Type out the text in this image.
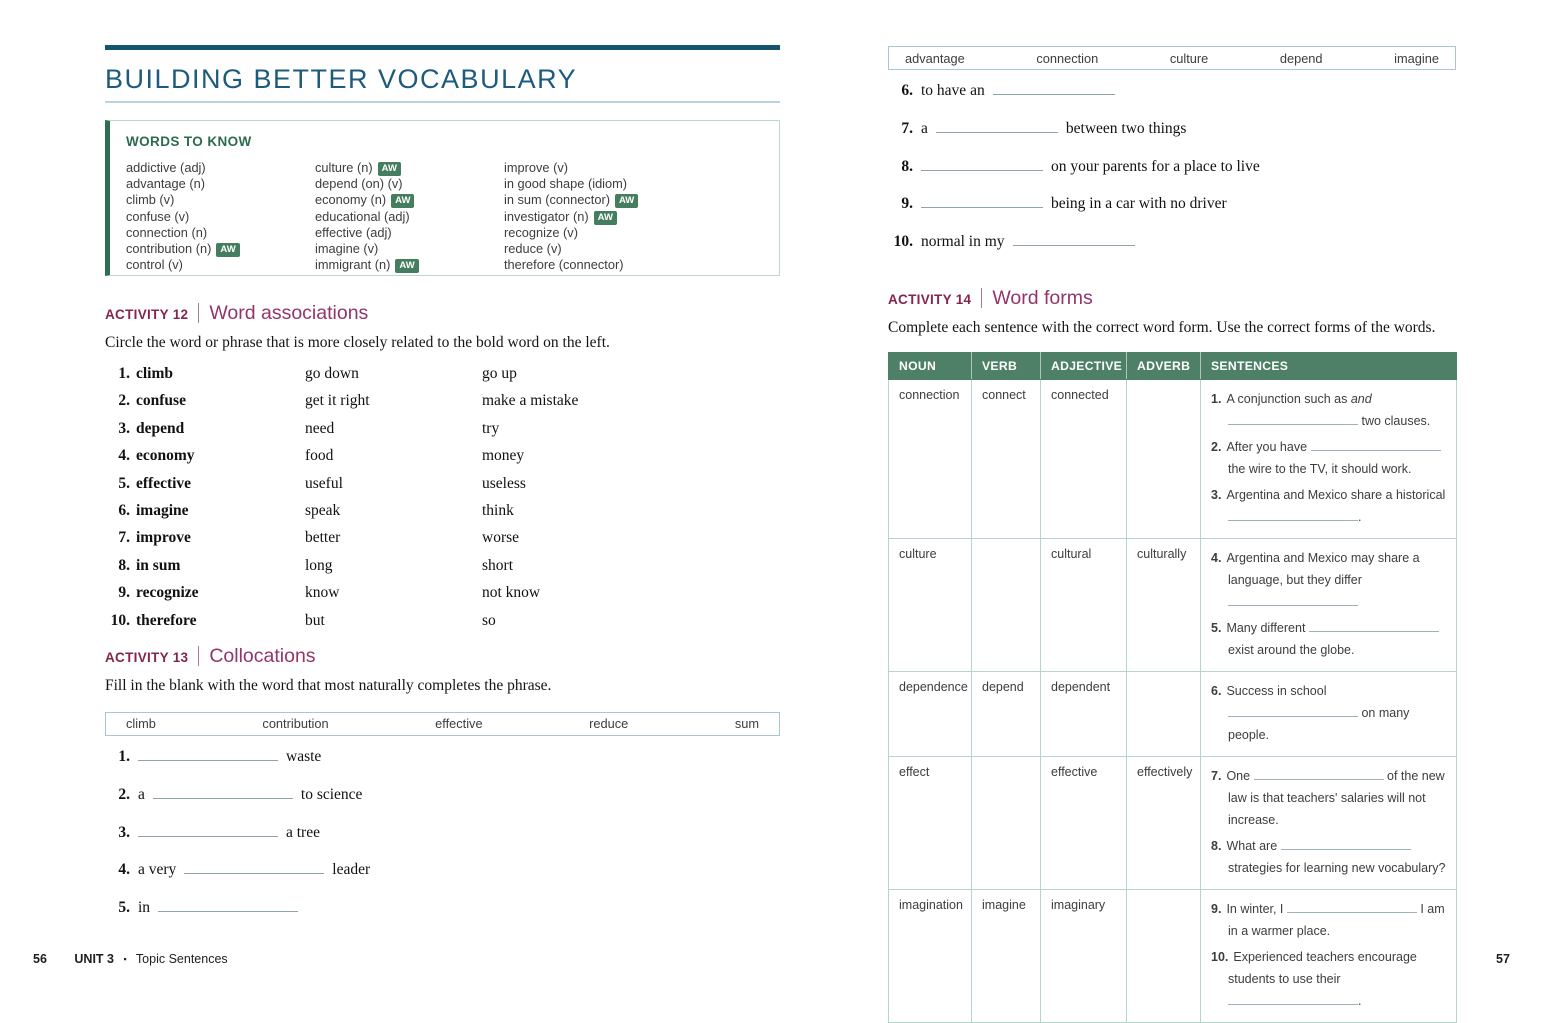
BUILDING BETTER VOCABULARY
WORDS TO KNOW
addictive (adj)
advantage (n)
climb (v)
confuse (v)
connection (n)
contribution (n) AW
control (v)
culture (n) AW
depend (on) (v)
economy (n) AW
educational (adj)
effective (adj)
imagine (v)
immigrant (n) AW
improve (v)
in good shape (idiom)
in sum (connector) AW
investigator (n) AW
recognize (v)
reduce (v)
therefore (connector)
ACTIVITY 12 Word associations
Circle the word or phrase that is more closely related to the bold word on the left.
1. climb	go down	go up
2. confuse	get it right	make a mistake
3. depend	need	try
4. economy	food	money
5. effective	useful	useless
6. imagine	speak	think
7. improve	better	worse
8. in sum	long	short
9. recognize	know	not know
10. therefore	but	so
ACTIVITY 13 Collocations
Fill in the blank with the word that most naturally completes the phrase.
climb	contribution	effective	reduce	sum
1.	waste
2. a	to science
3.	a tree
4. a very	leader
5. in
advantage	connection	culture	depend	imagine
6. to have an
7. a	between two things
8.	on your parents for a place to live
9.	being in a car with no driver
10. normal in my
ACTIVITY 14 Word forms
Complete each sentence with the correct word form. Use the correct forms of the words.
NOUN	VERB	ADJECTIVE	ADVERB	SENTENCES
connection	connect	connected		1. A conjunction such as and  two clauses.
2. After you have  the wire to the TV, it should work.
3. Argentina and Mexico share a historical .

culture		cultural	culturally	4. Argentina and Mexico may share a language, but they differ
5. Many different  exist around the globe.

dependence	depend	dependent		6. Success in school  on many people.

effect		effective	effectively	7. One of the new law is that teachers' salaries will not increase.
8. What are  strategies for learning new vocabulary?

imagination	imagine	imaginary		9. In winter, I I am in a warmer place.
10. Experienced teachers encourage students to use their .
56 UNIT 3 ▪ Topic Sentences	57
